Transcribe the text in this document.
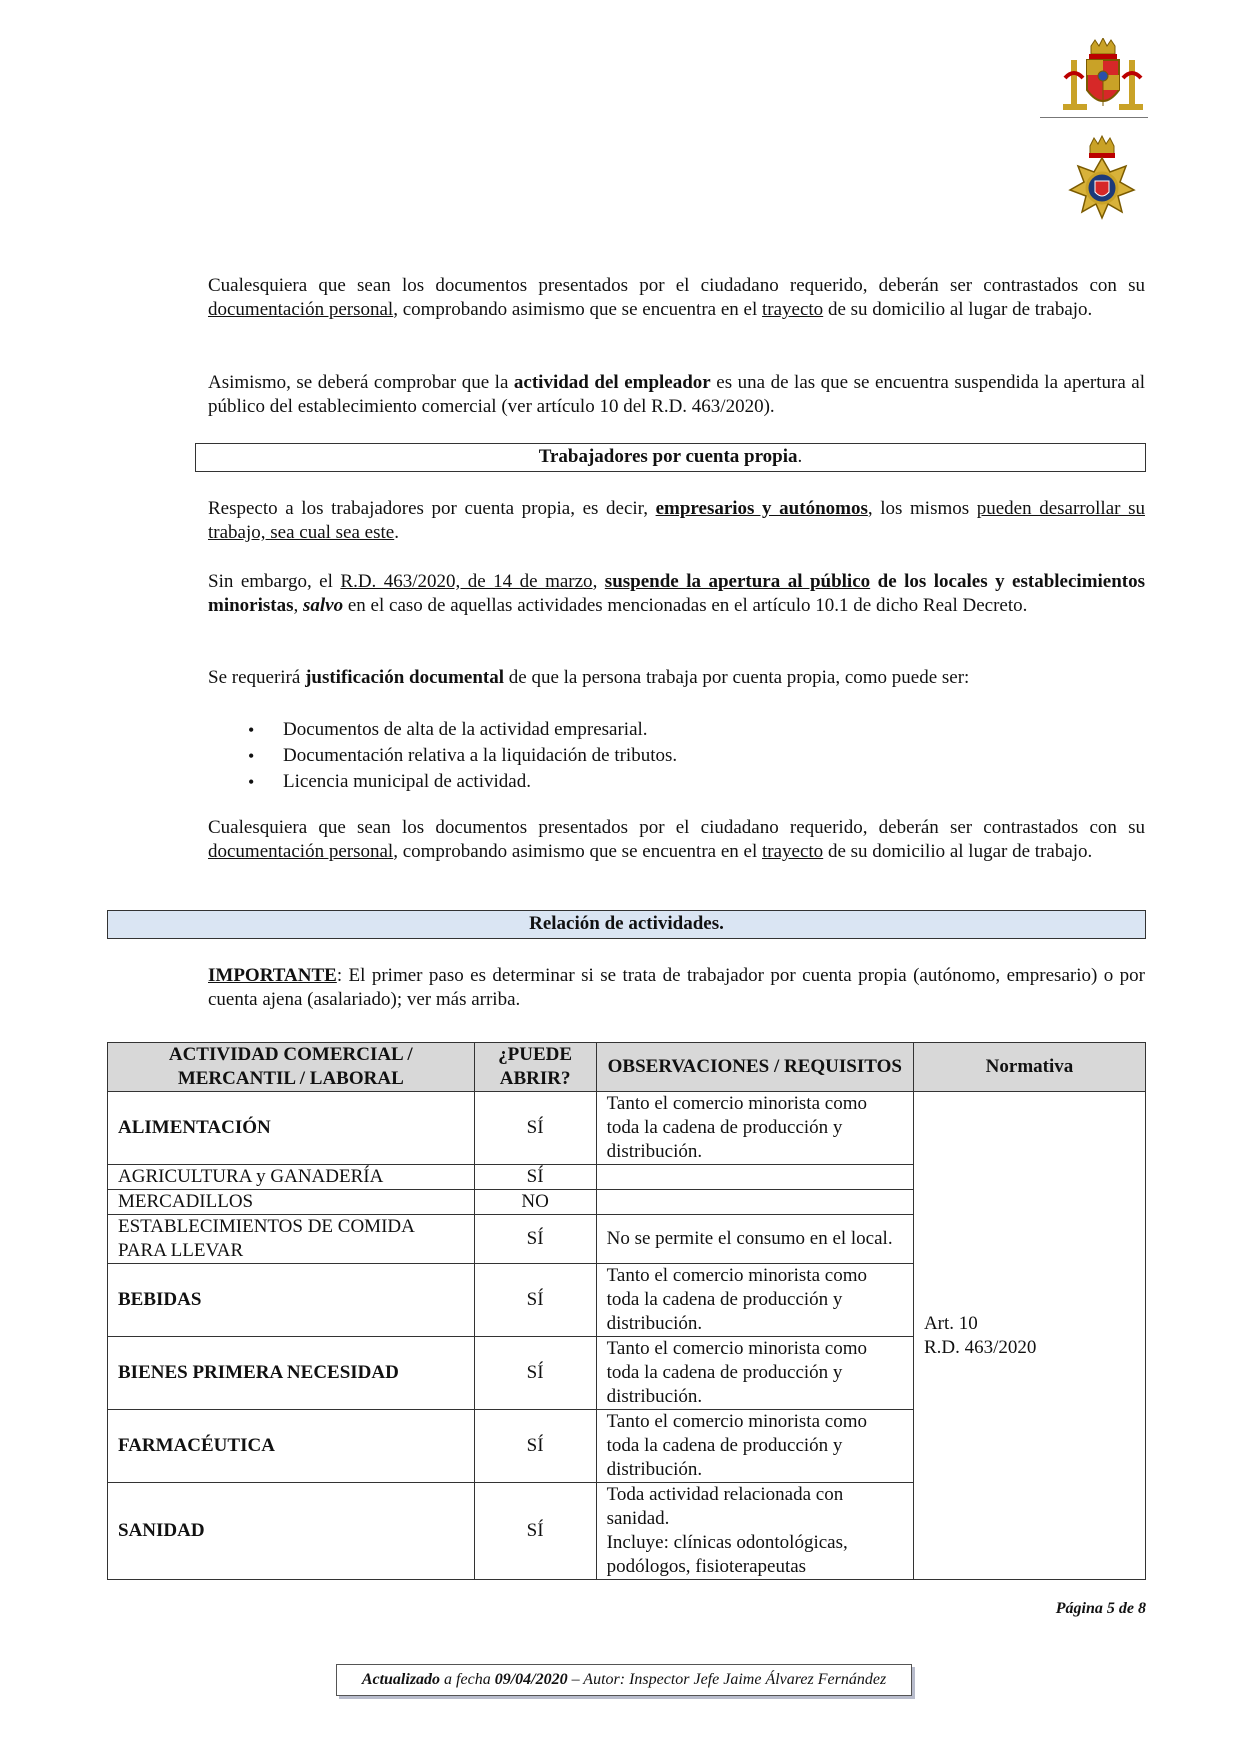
Cualesquiera que sean los documentos presentados por el ciudadano requerido, deberán ser contrastados con su documentación personal, comprobando asimismo que se encuentra en el trayecto de su domicilio al lugar de trabajo.

Asimismo, se deberá comprobar que la actividad del empleador es una de las que se encuentra suspendida la apertura al público del establecimiento comercial (ver artículo 10 del R.D. 463/2020).

Trabajadores por cuenta propia.

Respecto a los trabajadores por cuenta propia, es decir, empresarios y autónomos, los mismos pueden desarrollar su trabajo, sea cual sea este.

Sin embargo, el R.D. 463/2020, de 14 de marzo, suspende la apertura al público de los locales y establecimientos minoristas, salvo en el caso de aquellas actividades mencionadas en el artículo 10.1 de dicho Real Decreto.

Se requerirá justificación documental de que la persona trabaja por cuenta propia, como puede ser:

• Documentos de alta de la actividad empresarial.
• Documentación relativa a la liquidación de tributos.
• Licencia municipal de actividad.

Cualesquiera que sean los documentos presentados por el ciudadano requerido, deberán ser contrastados con su documentación personal, comprobando asimismo que se encuentra en el trayecto de su domicilio al lugar de trabajo.

Relación de actividades.

IMPORTANTE: El primer paso es determinar si se trata de trabajador por cuenta propia (autónomo, empresario) o por cuenta ajena (asalariado); ver más arriba.

ACTIVIDAD COMERCIAL / MERCANTIL / LABORAL	¿PUEDE ABRIR?	OBSERVACIONES / REQUISITOS	Normativa
ALIMENTACIÓN	SÍ	Tanto el comercio minorista como toda la cadena de producción y distribución.	Art. 10
R.D. 463/2020

AGRICULTURA y GANADERÍA	SÍ		
MERCADILLOS	NO		
ESTABLECIMIENTOS DE COMIDA PARA LLEVAR	SÍ	No se permite el consumo en el local.	
BEBIDAS	SÍ	Tanto el comercio minorista como toda la cadena de producción y distribución.	
BIENES PRIMERA NECESIDAD	SÍ	Tanto el comercio minorista como toda la cadena de producción y distribución.	
FARMACÉUTICA	SÍ	Tanto el comercio minorista como toda la cadena de producción y distribución.	
SANIDAD	SÍ	Toda actividad relacionada con sanidad.
Incluye: clínicas odontológicas, podólogos, fisioterapeutas	
Página 5 de 8
Actualizado a fecha 09/04/2020 – Autor: Inspector Jefe Jaime Álvarez Fernández
